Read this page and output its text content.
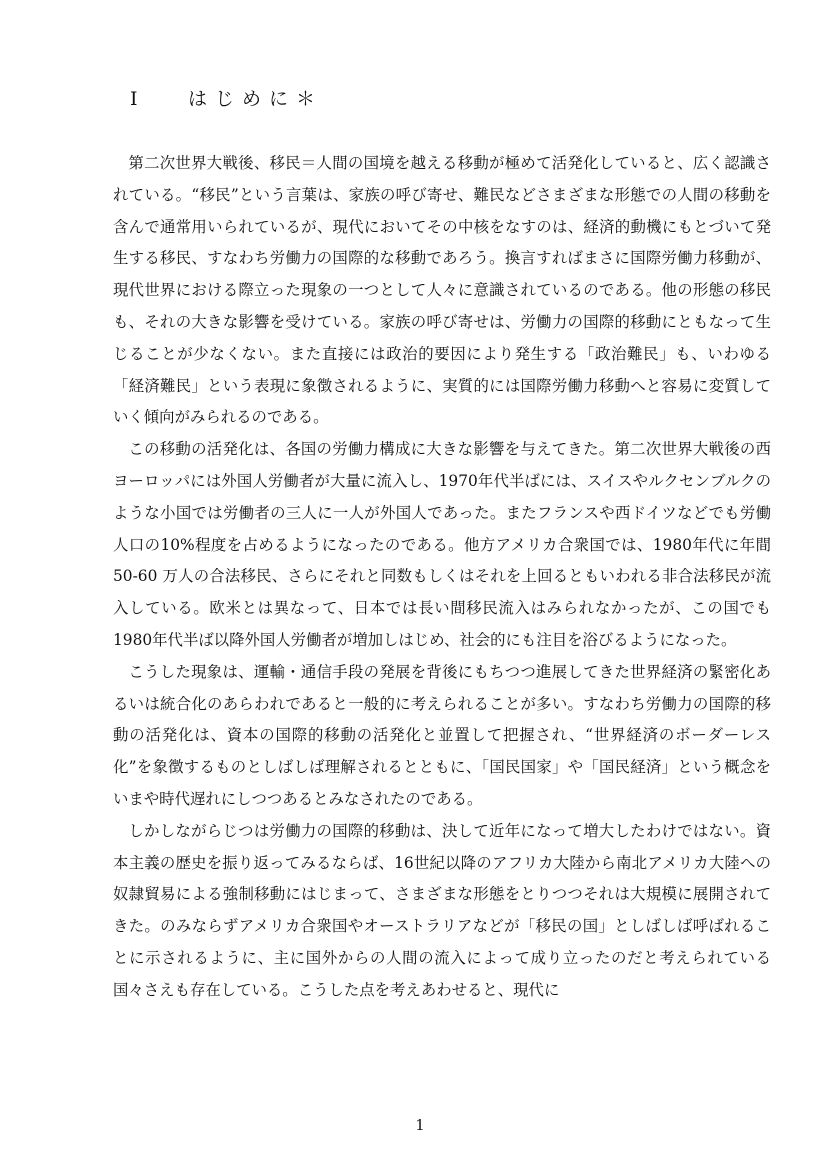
I	はじめに＊

第二次世界大戦後、移民＝人間の国境を越える移動が極めて活発化していると、広く認識されている。“移民”という言葉は、家族の呼び寄せ、難民などさまざまな形態での人間の移動を含んで通常用いられているが、現代においてその中核をなすのは、経済的動機にもとづいて発生する移民、すなわち労働力の国際的な移動であろう。換言すればまさに国際労働力移動が、現代世界における際立った現象の一つとして人々に意識されているのである。他の形態の移民も、それの大きな影響を受けている。家族の呼び寄せは、労働力の国際的移動にともなって生じることが少なくない。また直接には政治的要因により発生する「政治難民」も、いわゆる「経済難民」という表現に象徴されるように、実質的には国際労働力移動へと容易に変質していく傾向がみられるのである。

この移動の活発化は、各国の労働力構成に大きな影響を与えてきた。第二次世界大戦後の西ヨーロッパには外国人労働者が大量に流入し、1970年代半ばには、スイスやルクセンブルクのような小国では労働者の三人に一人が外国人であった。またフランスや西ドイツなどでも労働人口の10%程度を占めるようになったのである。他方アメリカ合衆国では、1980年代に年間50-60 万人の合法移民、さらにそれと同数もしくはそれを上回るともいわれる非合法移民が流入している。欧米とは異なって、日本では長い間移民流入はみられなかったが、この国でも1980年代半ば以降外国人労働者が増加しはじめ、社会的にも注目を浴びるようになった。

こうした現象は、運輸・通信手段の発展を背後にもちつつ進展してきた世界経済の緊密化あるいは統合化のあらわれであると一般的に考えられることが多い。すなわち労働力の国際的移動の活発化は、資本の国際的移動の活発化と並置して把握され、“世界経済のボーダーレス化”を象徴するものとしばしば理解されるとともに、「国民国家」や「国民経済」という概念をいまや時代遅れにしつつあるとみなされたのである。

しかしながらじつは労働力の国際的移動は、決して近年になって増大したわけではない。資本主義の歴史を振り返ってみるならば、16世紀以降のアフリカ大陸から南北アメリカ大陸への奴隷貿易による強制移動にはじまって、さまざまな形態をとりつつそれは大規模に展開されてきた。のみならずアメリカ合衆国やオーストラリアなどが「移民の国」としばしば呼ばれることに示されるように、主に国外からの人間の流入によって成り立ったのだと考えられている国々さえも存在している。こうした点を考えあわせると、現代に

1
